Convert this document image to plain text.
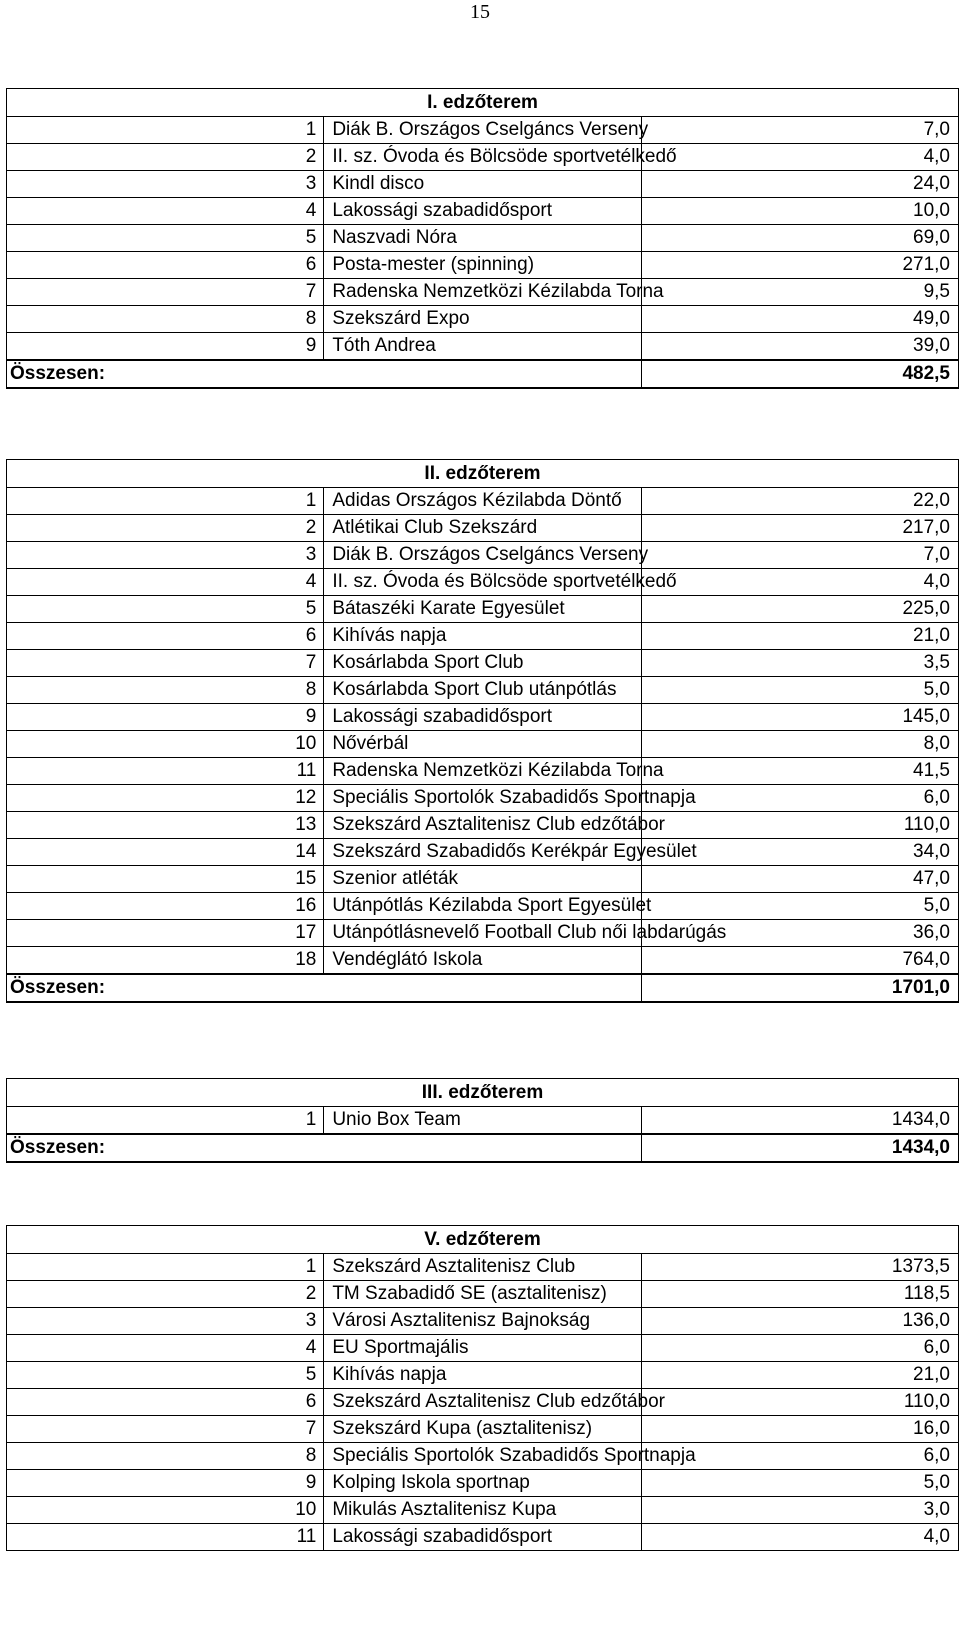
15
I. edzőterem		
1	Diák B. Országos Cselgáncs Verseny	7,0
2	II. sz. Óvoda és Bölcsöde sportvetélkedő	4,0
3	Kindl disco	24,0
4	Lakossági szabadidősport	10,0
5	Naszvadi Nóra	69,0
6	Posta-mester (spinning)	271,0
7	Radenska Nemzetközi Kézilabda Torna	9,5
8	Szekszárd Expo	49,0
9	Tóth Andrea	39,0
Összesen:		482,5
II. edzőterem		
1	Adidas Országos Kézilabda Döntő	22,0
2	Atlétikai Club Szekszárd	217,0
3	Diák B. Országos Cselgáncs Verseny	7,0
4	II. sz. Óvoda és Bölcsöde sportvetélkedő	4,0
5	Bátaszéki Karate Egyesület	225,0
6	Kihívás napja	21,0
7	Kosárlabda Sport Club	3,5
8	Kosárlabda Sport Club utánpótlás	5,0
9	Lakossági szabadidősport	145,0
10	Nővérbál	8,0
11	Radenska Nemzetközi Kézilabda Torna	41,5
12	Speciális Sportolók Szabadidős Sportnapja	6,0
13	Szekszárd Asztalitenisz Club edzőtábor	110,0
14	Szekszárd Szabadidős Kerékpár Egyesület	34,0
15	Szenior atléták	47,0
16	Utánpótlás Kézilabda Sport Egyesület	5,0
17	Utánpótlásnevelő Football Club női labdarúgás	36,0
18	Vendéglátó Iskola	764,0
Összesen:		1701,0
III. edzőterem		
1	Unio Box Team	1434,0
Összesen:		1434,0
V. edzőterem		
1	Szekszárd Asztalitenisz Club	1373,5
2	TM Szabadidő SE (asztalitenisz)	118,5
3	Városi Asztalitenisz Bajnokság	136,0
4	EU Sportmajális	6,0
5	Kihívás napja	21,0
6	Szekszárd Asztalitenisz Club edzőtábor	110,0
7	Szekszárd Kupa (asztalitenisz)	16,0
8	Speciális Sportolók Szabadidős Sportnapja	6,0
9	Kolping Iskola sportnap	5,0
10	Mikulás Asztalitenisz Kupa	3,0
11	Lakossági szabadidősport	4,0
